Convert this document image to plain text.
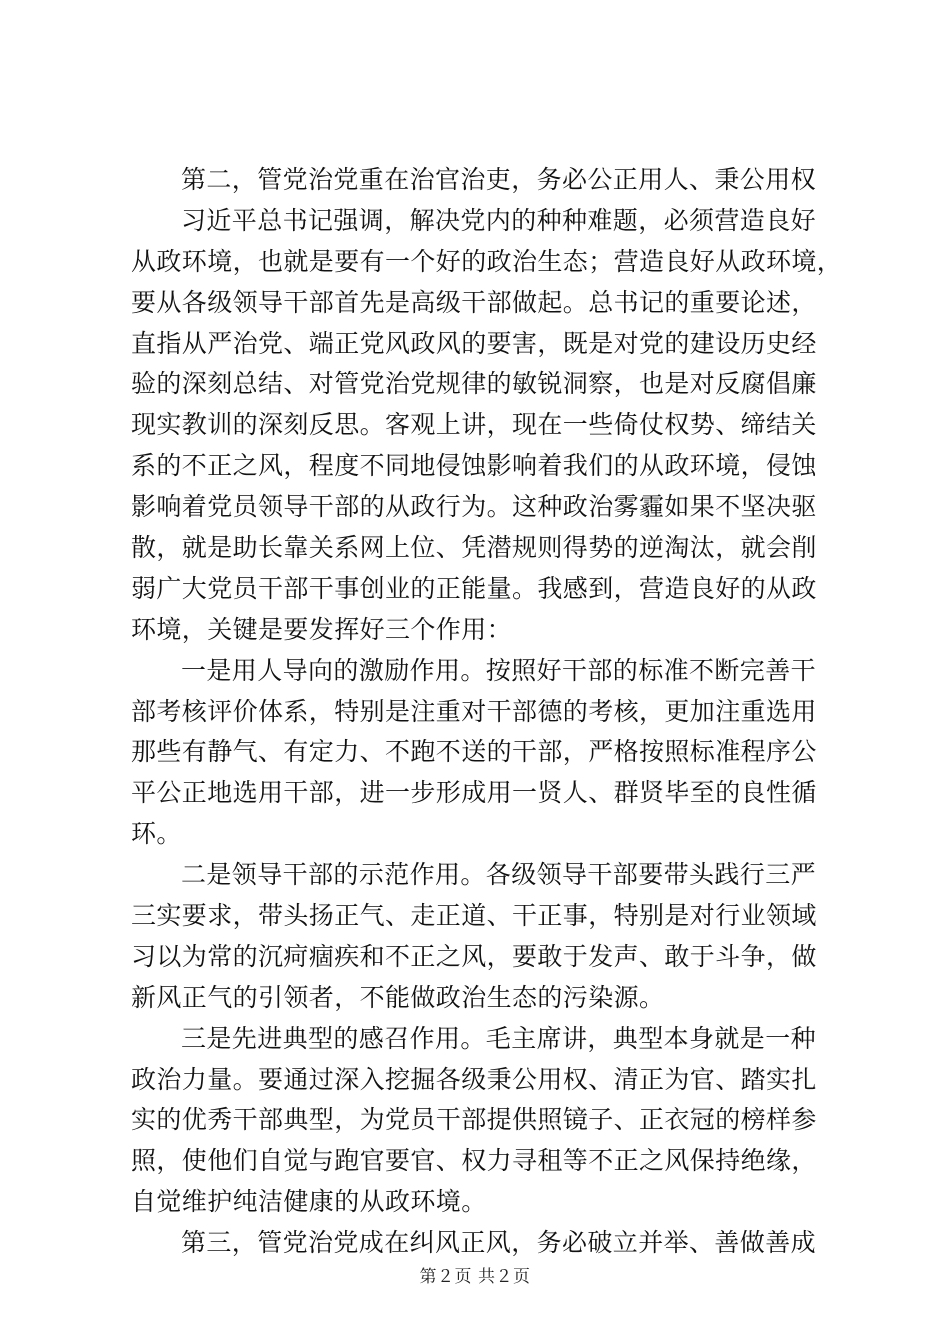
第二，管党治党重在治官治吏，务必公正用人、秉公用权
习近平总书记强调，解决党内的种种难题，必须营造良好
从政环境，也就是要有一个好的政治生态；营造良好从政环境，
要从各级领导干部首先是高级干部做起。总书记的重要论述，
直指从严治党、端正党风政风的要害，既是对党的建设历史经
验的深刻总结、对管党治党规律的敏锐洞察，也是对反腐倡廉
现实教训的深刻反思。客观上讲，现在一些倚仗权势、缔结关
系的不正之风，程度不同地侵蚀影响着我们的从政环境，侵蚀
影响着党员领导干部的从政行为。这种政治雾霾如果不坚决驱
散，就是助长靠关系网上位、凭潜规则得势的逆淘汰，就会削
弱广大党员干部干事创业的正能量。我感到，营造良好的从政
环境，关键是要发挥好三个作用：
一是用人导向的激励作用。按照好干部的标准不断完善干
部考核评价体系，特别是注重对干部德的考核，更加注重选用
那些有静气、有定力、不跑不送的干部，严格按照标准程序公
平公正地选用干部，进一步形成用一贤人、群贤毕至的良性循
环。
二是领导干部的示范作用。各级领导干部要带头践行三严
三实要求，带头扬正气、走正道、干正事，特别是对行业领域
习以为常的沉疴痼疾和不正之风，要敢于发声、敢于斗争，做
新风正气的引领者，不能做政治生态的污染源。
三是先进典型的感召作用。毛主席讲，典型本身就是一种
政治力量。要通过深入挖掘各级秉公用权、清正为官、踏实扎
实的优秀干部典型，为党员干部提供照镜子、正衣冠的榜样参
照，使他们自觉与跑官要官、权力寻租等不正之风保持绝缘，
自觉维护纯洁健康的从政环境。
第三，管党治党成在纠风正风，务必破立并举、善做善成
第２页 共２页
